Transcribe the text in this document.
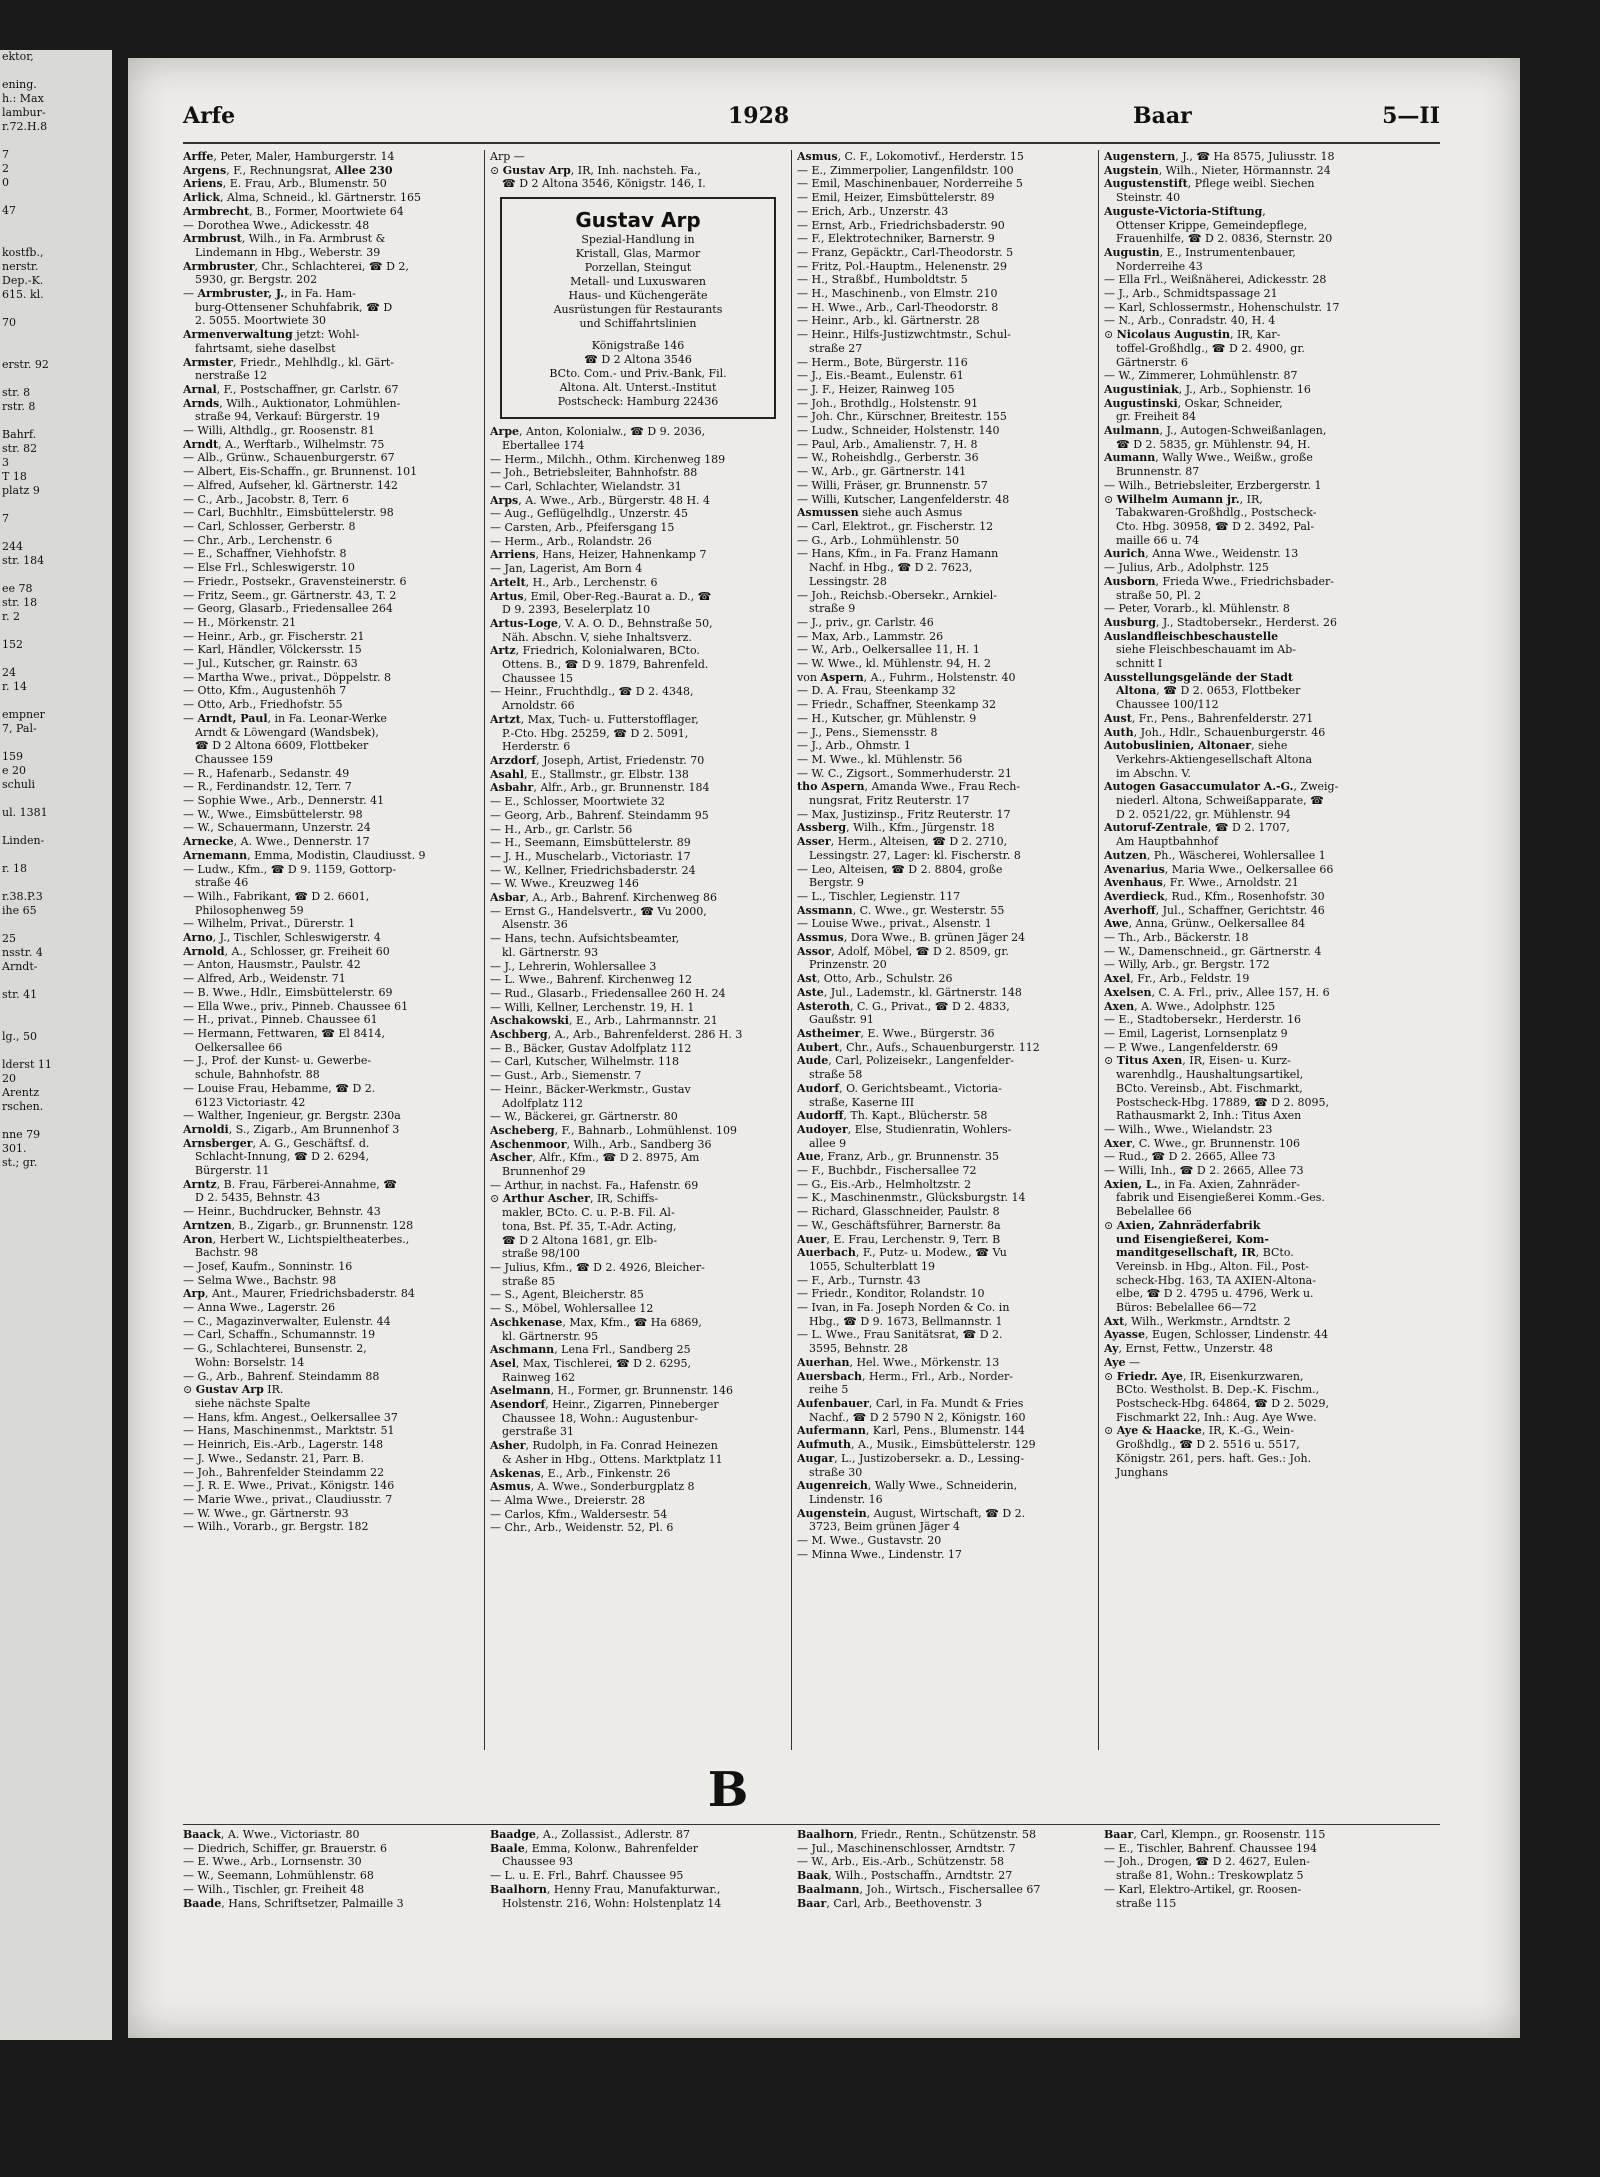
ektor,

ening.
h.: Max
lambur-
r.72.H.8

7
2
0

47

kostfb.,
nerstr.
Dep.-K.
615. kl.

70

erstr. 92

str. 8
rstr. 8

Bahrf.
str. 82
3
T 18
platz 9

7

244
str. 184

ee 78
str. 18
r. 2

152

24
r. 14

empner
7, Pal-

159
e 20
schuli

ul. 1381

Linden-

r. 18

r.38.P.3
ihe 65

25
nsstr. 4
Arndt-

str. 41

lg., 50

lderst 11
20
Arentz
rschen.

nne 79
301.
st.; gr.
Arfe	1928	Baar	5—II
Arffe, Peter, Maler, Hamburgerstr. 14
Argens, F., Rechnungsrat, Allee 230
Ariens, E. Frau, Arb., Blumenstr. 50
Arlick, Alma, Schneid., kl. Gärtnerstr. 165
Armbrecht, B., Former, Moortwiete 64
— Dorothea Wwe., Adickesstr. 48
Armbrust, Wilh., in Fa. Armbrust &
Lindemann in Hbg., Weberstr. 39
Armbruster, Chr., Schlachterei, ☎ D 2,
5930, gr. Bergstr. 202
— Armbruster, J., in Fa. Ham-
burg-Ottensener Schuhfabrik, ☎ D
2. 5055. Moortwiete 30
Armenverwaltung jetzt: Wohl-
fahrtsamt, siehe daselbst
Armster, Friedr., Mehlhdlg., kl. Gärt-
nerstraße 12
Arnal, F., Postschaffner, gr. Carlstr. 67
Arnds, Wilh., Auktionator, Lohmühlen-
straße 94, Verkauf: Bürgerstr. 19
— Willi, Althdlg., gr. Roosenstr. 81
Arndt, A., Werftarb., Wilhelmstr. 75
— Alb., Grünw., Schauenburgerstr. 67
— Albert, Eis-Schaffn., gr. Brunnenst. 101
— Alfred, Aufseher, kl. Gärtnerstr. 142
— C., Arb., Jacobstr. 8, Terr. 6
— Carl, Buchhltr., Eimsbüttelerstr. 98
— Carl, Schlosser, Gerberstr. 8
— Chr., Arb., Lerchenstr. 6
— E., Schaffner, Viehhofstr. 8
— Else Frl., Schleswigerstr. 10
— Friedr., Postsekr., Gravensteinerstr. 6
— Fritz, Seem., gr. Gärtnerstr. 43, T. 2
— Georg, Glasarb., Friedensallee 264
— H., Mörkenstr. 21
— Heinr., Arb., gr. Fischerstr. 21
— Karl, Händler, Völckersstr. 15
— Jul., Kutscher, gr. Rainstr. 63
— Martha Wwe., privat., Döppelstr. 8
— Otto, Kfm., Augustenhöh 7
— Otto, Arb., Friedhofstr. 55
— Arndt, Paul, in Fa. Leonar-Werke
Arndt & Löwengard (Wandsbek),
☎ D 2 Altona 6609, Flottbeker
Chaussee 159
— R., Hafenarb., Sedanstr. 49
— R., Ferdinandstr. 12, Terr. 7
— Sophie Wwe., Arb., Dennerstr. 41
— W., Wwe., Eimsbüttelerstr. 98
— W., Schauermann, Unzerstr. 24
Arnecke, A. Wwe., Dennerstr. 17
Arnemann, Emma, Modistin, Claudiusst. 9
— Ludw., Kfm., ☎ D 9. 1159, Gottorp-
straße 46
— Wilh., Fabrikant, ☎ D 2. 6601,
Philosophenweg 59
— Wilhelm, Privat., Dürerstr. 1
Arno, J., Tischler, Schleswigerstr. 4
Arnold, A., Schlosser, gr. Freiheit 60
— Anton, Hausmstr., Paulstr. 42
— Alfred, Arb., Weidenstr. 71
— B. Wwe., Hdlr., Eimsbüttelerstr. 69
— Ella Wwe., priv., Pinneb. Chaussee 61
— H., privat., Pinneb. Chaussee 61
— Hermann, Fettwaren, ☎ El 8414,
Oelkersallee 66
— J., Prof. der Kunst- u. Gewerbe-
schule, Bahnhofstr. 88
— Louise Frau, Hebamme, ☎ D 2.
6123 Victoriastr. 42
— Walther, Ingenieur, gr. Bergstr. 230a
Arnoldi, S., Zigarb., Am Brunnenhof 3
Arnsberger, A. G., Geschäftsf. d.
Schlacht-Innung, ☎ D 2. 6294,
Bürgerstr. 11
Arntz, B. Frau, Färberei-Annahme, ☎
D 2. 5435, Behnstr. 43
— Heinr., Buchdrucker, Behnstr. 43
Arntzen, B., Zigarb., gr. Brunnenstr. 128
Aron, Herbert W., Lichtspieltheaterbes.,
Bachstr. 98
— Josef, Kaufm., Sonninstr. 16
— Selma Wwe., Bachstr. 98
Arp, Ant., Maurer, Friedrichsbaderstr. 84
— Anna Wwe., Lagerstr. 26
— C., Magazinverwalter, Eulenstr. 44
— Carl, Schaffn., Schumannstr. 19
— G., Schlachterei, Bunsenstr. 2,
Wohn: Borselstr. 14
— G., Arb., Bahrenf. Steindamm 88
⊙ Gustav Arp IR.
siehe nächste Spalte
— Hans, kfm. Angest., Oelkersallee 37
— Hans, Maschinenmst., Marktstr. 51
— Heinrich, Eis.-Arb., Lagerstr. 148
— J. Wwe., Sedanstr. 21, Parr. B.
— Joh., Bahrenfelder Steindamm 22
— J. R. E. Wwe., Privat., Königstr. 146
— Marie Wwe., privat., Claudiusstr. 7
— W. Wwe., gr. Gärtnerstr. 93
— Wilh., Vorarb., gr. Bergstr. 182
Arp —
⊙ Gustav Arp, IR, Inh. nachsteh. Fa.,
☎ D 2 Altona 3546, Königstr. 146, I.
Gustav Arp
Spezial-Handlung in
Kristall, Glas, Marmor
Porzellan, Steingut
Metall- und Luxuswaren
Haus- und Küchengeräte
Ausrüstungen für Restaurants
und Schiffahrtslinien
Königstraße 146
☎ D 2 Altona 3546
BCto. Com.- und Priv.-Bank, Fil.
Altona. Alt. Unterst.-Institut
Postscheck: Hamburg 22436
Arpe, Anton, Kolonialw., ☎ D 9. 2036,
Ebertallee 174
— Herm., Milchh., Othm. Kirchenweg 189
— Joh., Betriebsleiter, Bahnhofstr. 88
— Carl, Schlachter, Wielandstr. 31
Arps, A. Wwe., Arb., Bürgerstr. 48 H. 4
— Aug., Geflügelhdlg., Unzerstr. 45
— Carsten, Arb., Pfeifersgang 15
— Herm., Arb., Rolandstr. 26
Arriens, Hans, Heizer, Hahnenkamp 7
— Jan, Lagerist, Am Born 4
Artelt, H., Arb., Lerchenstr. 6
Artus, Emil, Ober-Reg.-Baurat a. D., ☎
D 9. 2393, Beselerplatz 10
Artus-Loge, V. A. O. D., Behnstraße 50,
Näh. Abschn. V, siehe Inhaltsverz.
Artz, Friedrich, Kolonialwaren, BCto.
Ottens. B., ☎ D 9. 1879, Bahrenfeld.
Chaussee 15
— Heinr., Fruchthdlg., ☎ D 2. 4348,
Arnoldstr. 66
Artzt, Max, Tuch- u. Futterstofflager,
P.-Cto. Hbg. 25259, ☎ D 2. 5091,
Herderstr. 6
Arzdorf, Joseph, Artist, Friedenstr. 70
Asahl, E., Stallmstr., gr. Elbstr. 138
Asbahr, Alfr., Arb., gr. Brunnenstr. 184
— E., Schlosser, Moortwiete 32
— Georg, Arb., Bahrenf. Steindamm 95
— H., Arb., gr. Carlstr. 56
— H., Seemann, Eimsbüttelerstr. 89
— J. H., Muschelarb., Victoriastr. 17
— W., Kellner, Friedrichsbaderstr. 24
— W. Wwe., Kreuzweg 146
Asbar, A., Arb., Bahrenf. Kirchenweg 86
— Ernst G., Handelsvertr., ☎ Vu 2000,
Alsenstr. 36
— Hans, techn. Aufsichtsbeamter,
kl. Gärtnerstr. 93
— J., Lehrerin, Wohlersallee 3
— L. Wwe., Bahrenf. Kirchenweg 12
— Rud., Glasarb., Friedensallee 260 H. 24
— Willi, Kellner, Lerchenstr. 19, H. 1
Aschakowski, E., Arb., Lahrmannstr. 21
Aschberg, A., Arb., Bahrenfelderst. 286 H. 3
— B., Bäcker, Gustav Adolfplatz 112
— Carl, Kutscher, Wilhelmstr. 118
— Gust., Arb., Siemenstr. 7
— Heinr., Bäcker-Werkmstr., Gustav
Adolfplatz 112
— W., Bäckerei, gr. Gärtnerstr. 80
Ascheberg, F., Bahnarb., Lohmühlenst. 109
Aschenmoor, Wilh., Arb., Sandberg 36
Ascher, Alfr., Kfm., ☎ D 2. 8975, Am
Brunnenhof 29
— Arthur, in nachst. Fa., Hafenstr. 69
⊙ Arthur Ascher, IR, Schiffs-
makler, BCto. C. u. P.-B. Fil. Al-
tona, Bst. Pf. 35, T.-Adr. Acting,
☎ D 2 Altona 1681, gr. Elb-
straße 98/100
— Julius, Kfm., ☎ D 2. 4926, Bleicher-
straße 85
— S., Agent, Bleicherstr. 85
— S., Möbel, Wohlersallee 12
Aschkenase, Max, Kfm., ☎ Ha 6869,
kl. Gärtnerstr. 95
Aschmann, Lena Frl., Sandberg 25
Asel, Max, Tischlerei, ☎ D 2. 6295,
Rainweg 162
Aselmann, H., Former, gr. Brunnenstr. 146
Asendorf, Heinr., Zigarren, Pinneberger
Chaussee 18, Wohn.: Augustenbur-
gerstraße 31
Asher, Rudolph, in Fa. Conrad Heinezen
& Asher in Hbg., Ottens. Marktplatz 11
Askenas, E., Arb., Finkenstr. 26
Asmus, A. Wwe., Sonderburgplatz 8
— Alma Wwe., Dreierstr. 28
— Carlos, Kfm., Waldersestr. 54
— Chr., Arb., Weidenstr. 52, Pl. 6
Asmus, C. F., Lokomotivf., Herderstr. 15
— E., Zimmerpolier, Langenfildstr. 100
— Emil, Maschinenbauer, Norderreihe 5
— Emil, Heizer, Eimsbüttelerstr. 89
— Erich, Arb., Unzerstr. 43
— Ernst, Arb., Friedrichsbaderstr. 90
— F., Elektrotechniker, Barnerstr. 9
— Franz, Gepäcktr., Carl-Theodorstr. 5
— Fritz, Pol.-Hauptm., Helenenstr. 29
— H., Straßbf., Humboldtstr. 5
— H., Maschinenb., von Elmstr. 210
— H. Wwe., Arb., Carl-Theodorstr. 8
— Heinr., Arb., kl. Gärtnerstr. 28
— Heinr., Hilfs-Justizwchtmstr., Schul-
straße 27
— Herm., Bote, Bürgerstr. 116
— J., Eis.-Beamt., Eulenstr. 61
— J. F., Heizer, Rainweg 105
— Joh., Brothdlg., Holstenstr. 91
— Joh. Chr., Kürschner, Breitestr. 155
— Ludw., Schneider, Holstenstr. 140
— Paul, Arb., Amalienstr. 7, H. 8
— W., Roheishdlg., Gerberstr. 36
— W., Arb., gr. Gärtnerstr. 141
— Willi, Fräser, gr. Brunnenstr. 57
— Willi, Kutscher, Langenfelderstr. 48
Asmussen siehe auch Asmus
— Carl, Elektrot., gr. Fischerstr. 12
— G., Arb., Lohmühlenstr. 50
— Hans, Kfm., in Fa. Franz Hamann
Nachf. in Hbg., ☎ D 2. 7623,
Lessingstr. 28
— Joh., Reichsb.-Obersekr., Arnkiel-
straße 9
— J., priv., gr. Carlstr. 46
— Max, Arb., Lammstr. 26
— W., Arb., Oelkersallee 11, H. 1
— W. Wwe., kl. Mühlenstr. 94, H. 2
von Aspern, A., Fuhrm., Holstenstr. 40
— D. A. Frau, Steenkamp 32
— Friedr., Schaffner, Steenkamp 32
— H., Kutscher, gr. Mühlenstr. 9
— J., Pens., Siemensstr. 8
— J., Arb., Ohmstr. 1
— M. Wwe., kl. Mühlenstr. 56
— W. C., Zigsort., Sommerhuderstr. 21
tho Aspern, Amanda Wwe., Frau Rech-
nungsrat, Fritz Reuterstr. 17
— Max, Justizinsp., Fritz Reuterstr. 17
Assberg, Wilh., Kfm., Jürgenstr. 18
Asser, Herm., Alteisen, ☎ D 2. 2710,
Lessingstr. 27, Lager: kl. Fischerstr. 8
— Leo, Alteisen, ☎ D 2. 8804, große
Bergstr. 9
— L., Tischler, Legienstr. 117
Assmann, C. Wwe., gr. Westerstr. 55
— Louise Wwe., privat., Alsenstr. 1
Assmus, Dora Wwe., B. grünen Jäger 24
Assor, Adolf, Möbel, ☎ D 2. 8509, gr.
Prinzenstr. 20
Ast, Otto, Arb., Schulstr. 26
Aste, Jul., Lademstr., kl. Gärtnerstr. 148
Asteroth, C. G., Privat., ☎ D 2. 4833,
Gaußstr. 91
Astheimer, E. Wwe., Bürgerstr. 36
Aubert, Chr., Aufs., Schauenburgerstr. 112
Aude, Carl, Polizeisekr., Langenfelder-
straße 58
Audorf, O. Gerichtsbeamt., Victoria-
straße, Kaserne III
Audorff, Th. Kapt., Blücherstr. 58
Audoyer, Else, Studienratin, Wohlers-
allee 9
Aue, Franz, Arb., gr. Brunnenstr. 35
— F., Buchbdr., Fischersallee 72
— G., Eis.-Arb., Helmholtzstr. 2
— K., Maschinenmstr., Glücksburgstr. 14
— Richard, Glasschneider, Paulstr. 8
— W., Geschäftsführer, Barnerstr. 8a
Auer, E. Frau, Lerchenstr. 9, Terr. B
Auerbach, F., Putz- u. Modew., ☎ Vu
1055, Schulterblatt 19
— F., Arb., Turnstr. 43
— Friedr., Konditor, Rolandstr. 10
— Ivan, in Fa. Joseph Norden & Co. in
Hbg., ☎ D 9. 1673, Bellmannstr. 1
— L. Wwe., Frau Sanitätsrat, ☎ D 2.
3595, Behnstr. 28
Auerhan, Hel. Wwe., Mörkenstr. 13
Auersbach, Herm., Frl., Arb., Norder-
reihe 5
Aufenbauer, Carl, in Fa. Mundt & Fries
Nachf., ☎ D 2 5790 N 2, Königstr. 160
Aufermann, Karl, Pens., Blumenstr. 144
Aufmuth, A., Musik., Eimsbüttelerstr. 129
Augar, L., Justizobersekr. a. D., Lessing-
straße 30
Augenreich, Wally Wwe., Schneiderin,
Lindenstr. 16
Augenstein, August, Wirtschaft, ☎ D 2.
3723, Beim grünen Jäger 4
— M. Wwe., Gustavstr. 20
— Minna Wwe., Lindenstr. 17
Augenstern, J., ☎ Ha 8575, Juliusstr. 18
Augstein, Wilh., Nieter, Hörmannstr. 24
Augustenstift, Pflege weibl. Siechen
Steinstr. 40
Auguste-Victoria-Stiftung,
Ottenser Krippe, Gemeindepflege,
Frauenhilfe, ☎ D 2. 0836, Sternstr. 20
Augustin, E., Instrumentenbauer,
Norderreihe 43
— Ella Frl., Weißnäherei, Adickesstr. 28
— J., Arb., Schmidtspassage 21
— Karl, Schlossermstr., Hohenschulstr. 17
— N., Arb., Conradstr. 40, H. 4
⊙ Nicolaus Augustin, IR, Kar-
toffel-Großhdlg., ☎ D 2. 4900, gr.
Gärtnerstr. 6
— W., Zimmerer, Lohmühlenstr. 87
Augustiniak, J., Arb., Sophienstr. 16
Augustinski, Oskar, Schneider,
gr. Freiheit 84
Aulmann, J., Autogen-Schweißanlagen,
☎ D 2. 5835, gr. Mühlenstr. 94, H.
Aumann, Wally Wwe., Weißw., große
Brunnenstr. 87
— Wilh., Betriebsleiter, Erzbergerstr. 1
⊙ Wilhelm Aumann jr., IR,
Tabakwaren-Großhdlg., Postscheck-
Cto. Hbg. 30958, ☎ D 2. 3492, Pal-
maille 66 u. 74
Aurich, Anna Wwe., Weidenstr. 13
— Julius, Arb., Adolphstr. 125
Ausborn, Frieda Wwe., Friedrichsbader-
straße 50, Pl. 2
— Peter, Vorarb., kl. Mühlenstr. 8
Ausburg, J., Stadtobersekr., Herderst. 26
Auslandfleischbeschaustelle
siehe Fleischbeschauamt im Ab-
schnitt I
Ausstellungsgelände der Stadt
Altona, ☎ D 2. 0653, Flottbeker
Chaussee 100/112
Aust, Fr., Pens., Bahrenfelderstr. 271
Auth, Joh., Hdlr., Schauenburgerstr. 46
Autobuslinien, Altonaer, siehe
Verkehrs-Aktiengesellschaft Altona
im Abschn. V.
Autogen Gasaccumulator A.-G., Zweig-
niederl. Altona, Schweißapparate, ☎
D 2. 0521/22, gr. Mühlenstr. 94
Autoruf-Zentrale, ☎ D 2. 1707,
Am Hauptbahnhof
Autzen, Ph., Wäscherei, Wohlersallee 1
Avenarius, Maria Wwe., Oelkersallee 66
Avenhaus, Fr. Wwe., Arnoldstr. 21
Averdieck, Rud., Kfm., Rosenhofstr. 30
Averhoff, Jul., Schaffner, Gerichtstr. 46
Awe, Anna, Grünw., Oelkersallee 84
— Th., Arb., Bäckerstr. 18
— W., Damenschneid., gr. Gärtnerstr. 4
— Willy, Arb., gr. Bergstr. 172
Axel, Fr., Arb., Feldstr. 19
Axelsen, C. A. Frl., priv., Allee 157, H. 6
Axen, A. Wwe., Adolphstr. 125
— E., Stadtobersekr., Herderstr. 16
— Emil, Lagerist, Lornsenplatz 9
— P. Wwe., Langenfelderstr. 69
⊙ Titus Axen, IR, Eisen- u. Kurz-
warenhdlg., Haushaltungsartikel,
BCto. Vereinsb., Abt. Fischmarkt,
Postscheck-Hbg. 17889, ☎ D 2. 8095,
Rathausmarkt 2, Inh.: Titus Axen
— Wilh., Wwe., Wielandstr. 23
Axer, C. Wwe., gr. Brunnenstr. 106
— Rud., ☎ D 2. 2665, Allee 73
— Willi, Inh., ☎ D 2. 2665, Allee 73
Axien, L., in Fa. Axien, Zahnräder-
fabrik und Eisengießerei Komm.-Ges.
Bebelallee 66
⊙ Axien, Zahnräderfabrik
und Eisengießerei, Kom-
manditgesellschaft, IR, BCto.
Vereinsb. in Hbg., Alton. Fil., Post-
scheck-Hbg. 163, TA AXIEN-Altona-
elbe, ☎ D 2. 4795 u. 4796, Werk u.
Büros: Bebelallee 66—72
Axt, Wilh., Werkmstr., Arndtstr. 2
Ayasse, Eugen, Schlosser, Lindenstr. 44
Ay, Ernst, Fettw., Unzerstr. 48
Aye —
⊙ Friedr. Aye, IR, Eisenkurzwaren,
BCto. Westholst. B. Dep.-K. Fischm.,
Postscheck-Hbg. 64864, ☎ D 2. 5029,
Fischmarkt 22, Inh.: Aug. Aye Wwe.
⊙ Aye & Haacke, IR, K.-G., Wein-
Großhdlg., ☎ D 2. 5516 u. 5517,
Königstr. 261, pers. haft. Ges.: Joh.
Junghans
B
Baack, A. Wwe., Victoriastr. 80
— Diedrich, Schiffer, gr. Brauerstr. 6
— E. Wwe., Arb., Lornsenstr. 30
— W., Seemann, Lohmühlenstr. 68
— Wilh., Tischler, gr. Freiheit 48
Baade, Hans, Schriftsetzer, Palmaille 3
Baadge, A., Zollassist., Adlerstr. 87
Baale, Emma, Kolonw., Bahrenfelder
Chaussee 93
— L. u. E. Frl., Bahrf. Chaussee 95
Baalhorn, Henny Frau, Manufakturwar.,
Holstenstr. 216, Wohn: Holstenplatz 14
Baalhorn, Friedr., Rentn., Schützenstr. 58
— Jul., Maschinenschlosser, Arndtstr. 7
— W., Arb., Eis.-Arb., Schützenstr. 58
Baak, Wilh., Postschaffn., Arndtstr. 27
Baalmann, Joh., Wirtsch., Fischersallee 67
Baar, Carl, Arb., Beethovenstr. 3
Baar, Carl, Klempn., gr. Roosenstr. 115
— E., Tischler, Bahrenf. Chaussee 194
— Joh., Drogen, ☎ D 2. 4627, Eulen-
straße 81, Wohn.: Treskowplatz 5
— Karl, Elektro-Artikel, gr. Roosen-
straße 115
